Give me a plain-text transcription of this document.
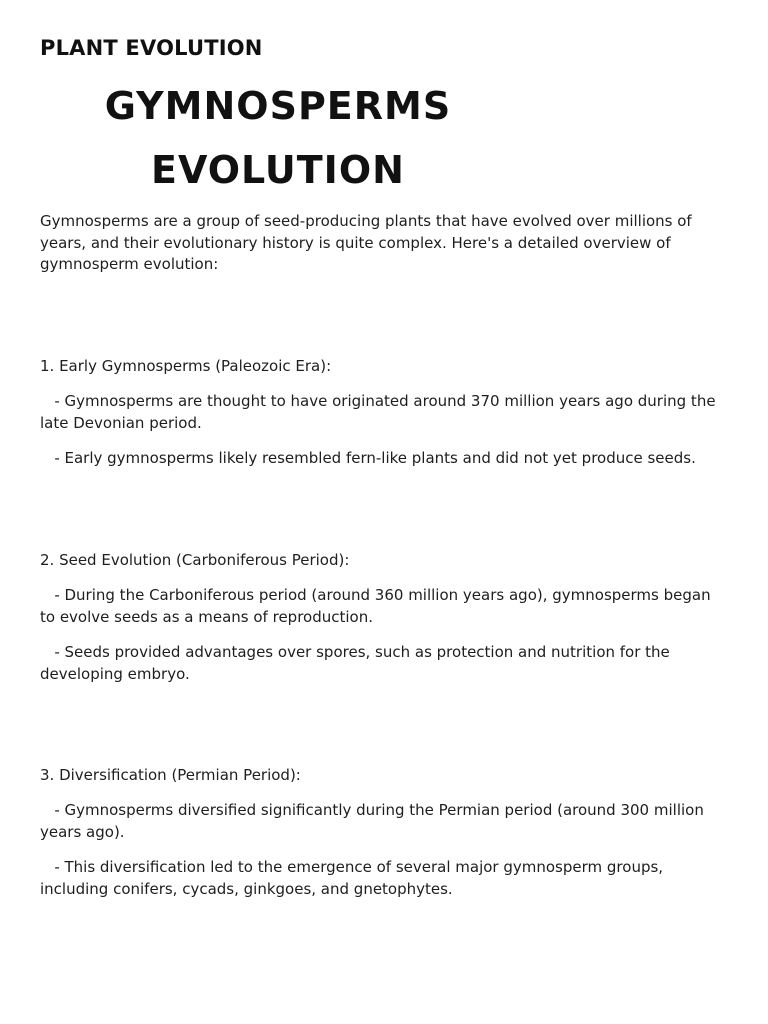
PLANT EVOLUTION
GYMNOSPERMS
EVOLUTION

Gymnosperms are a group of seed-producing plants that have evolved over millions of years, and their evolutionary history is quite complex. Here's a detailed overview of gymnosperm evolution:

1. Early Gymnosperms (Paleozoic Era):

- Gymnosperms are thought to have originated around 370 million years ago during the late Devonian period.

- Early gymnosperms likely resembled fern-like plants and did not yet produce seeds.

2. Seed Evolution (Carboniferous Period):

- During the Carboniferous period (around 360 million years ago), gymnosperms began to evolve seeds as a means of reproduction.

- Seeds provided advantages over spores, such as protection and nutrition for the developing embryo.

3. Diversification (Permian Period):

- Gymnosperms diversified significantly during the Permian period (around 300 million years ago).

- This diversification led to the emergence of several major gymnosperm groups, including conifers, cycads, ginkgoes, and gnetophytes.
